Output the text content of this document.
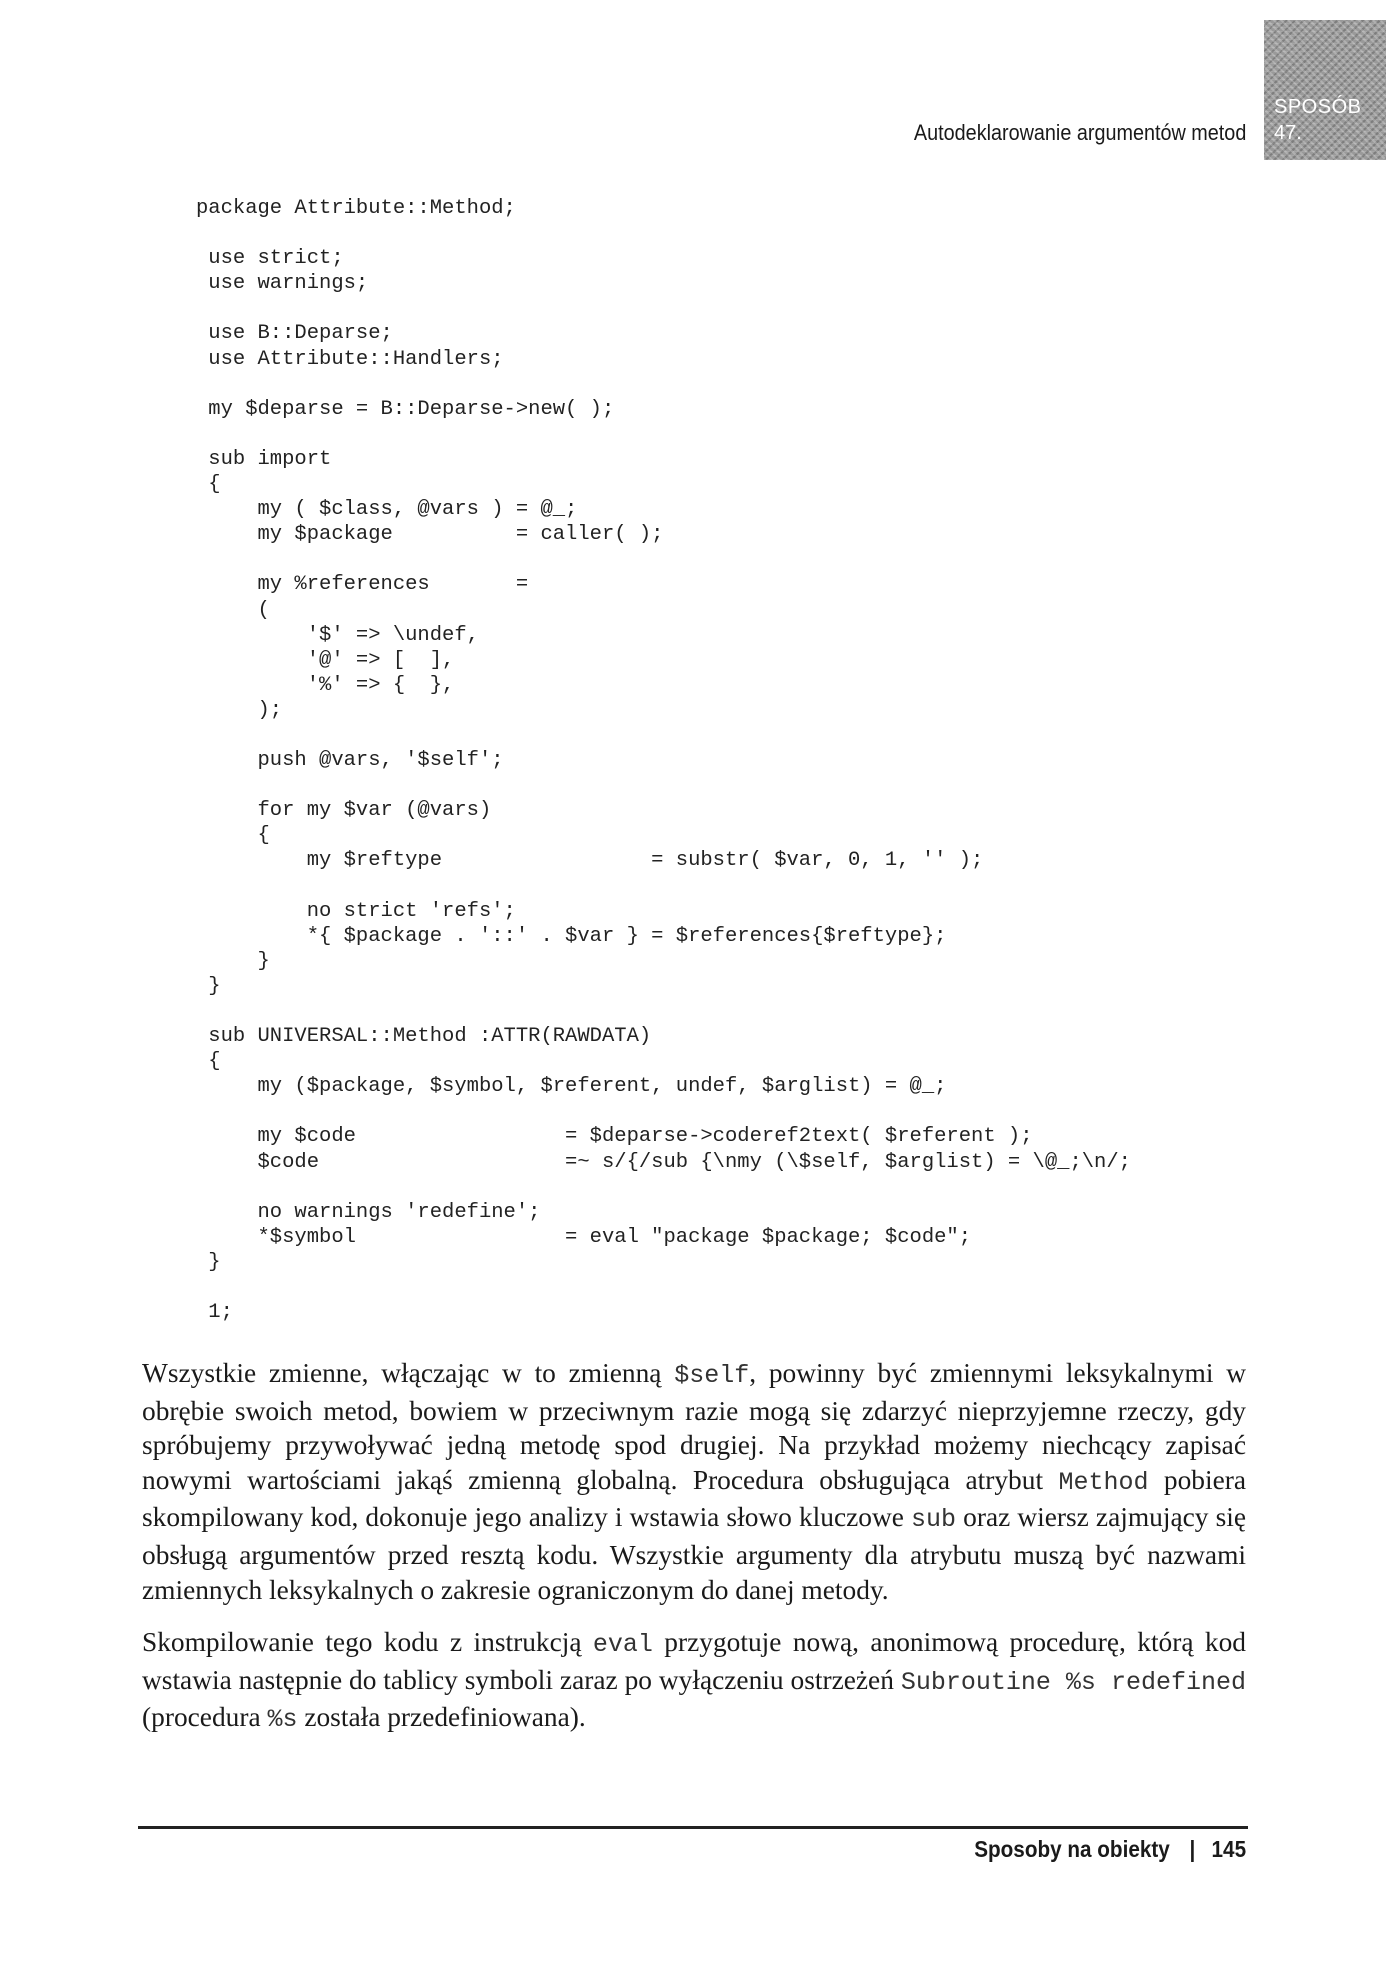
SPOSÓB
47.
Autodeklarowanie argumentów metod
package Attribute::Method;

use strict;
use warnings;

use B::Deparse;
use Attribute::Handlers;

my $deparse = B::Deparse->new( );

sub import
{
my ( $class, @vars ) = @_;
my $package          = caller( );

my %references       =
(
'$' => \undef,
'@' => [  ],
'%' => {  },
);

push @vars, '$self';

for my $var (@vars)
{
my $reftype                 = substr( $var, 0, 1, '' );

no strict 'refs';
*{ $package . '::' . $var } = $references{$reftype};
}
}

sub UNIVERSAL::Method :ATTR(RAWDATA)
{
my ($package, $symbol, $referent, undef, $arglist) = @_;

my $code                 = $deparse->coderef2text( $referent );
$code                    =~ s/{/sub {\nmy (\$self, $arglist) = \@_;\n/;

no warnings 'redefine';
*$symbol                 = eval "package $package; $code";
}

1;

Wszystkie zmienne, włączając w to zmienną $self, powinny być zmiennymi leksykalnymi w obrębie swoich metod, bowiem w przeciwnym razie mogą się zdarzyć nieprzyjemne rzeczy, gdy spróbujemy przywoływać jedną metodę spod drugiej. Na przykład możemy niechcący zapisać nowymi wartościami jakąś zmienną globalną. Procedura obsługująca atrybut Method pobiera skompilowany kod, dokonuje jego analizy i wstawia słowo kluczowe sub oraz wiersz zajmujący się obsługą argumentów przed resztą kodu. Wszystkie argumenty dla atrybutu muszą być nazwami zmiennych leksykalnych o zakresie ograniczonym do danej metody.

Skompilowanie tego kodu z instrukcją eval przygotuje nową, anonimową procedurę, którą kod wstawia następnie do tablicy symboli zaraz po wyłączeniu ostrzeżeń Subroutine %s redefined (procedura %s została przedefiniowana).

Sposoby na obiekty | 145
